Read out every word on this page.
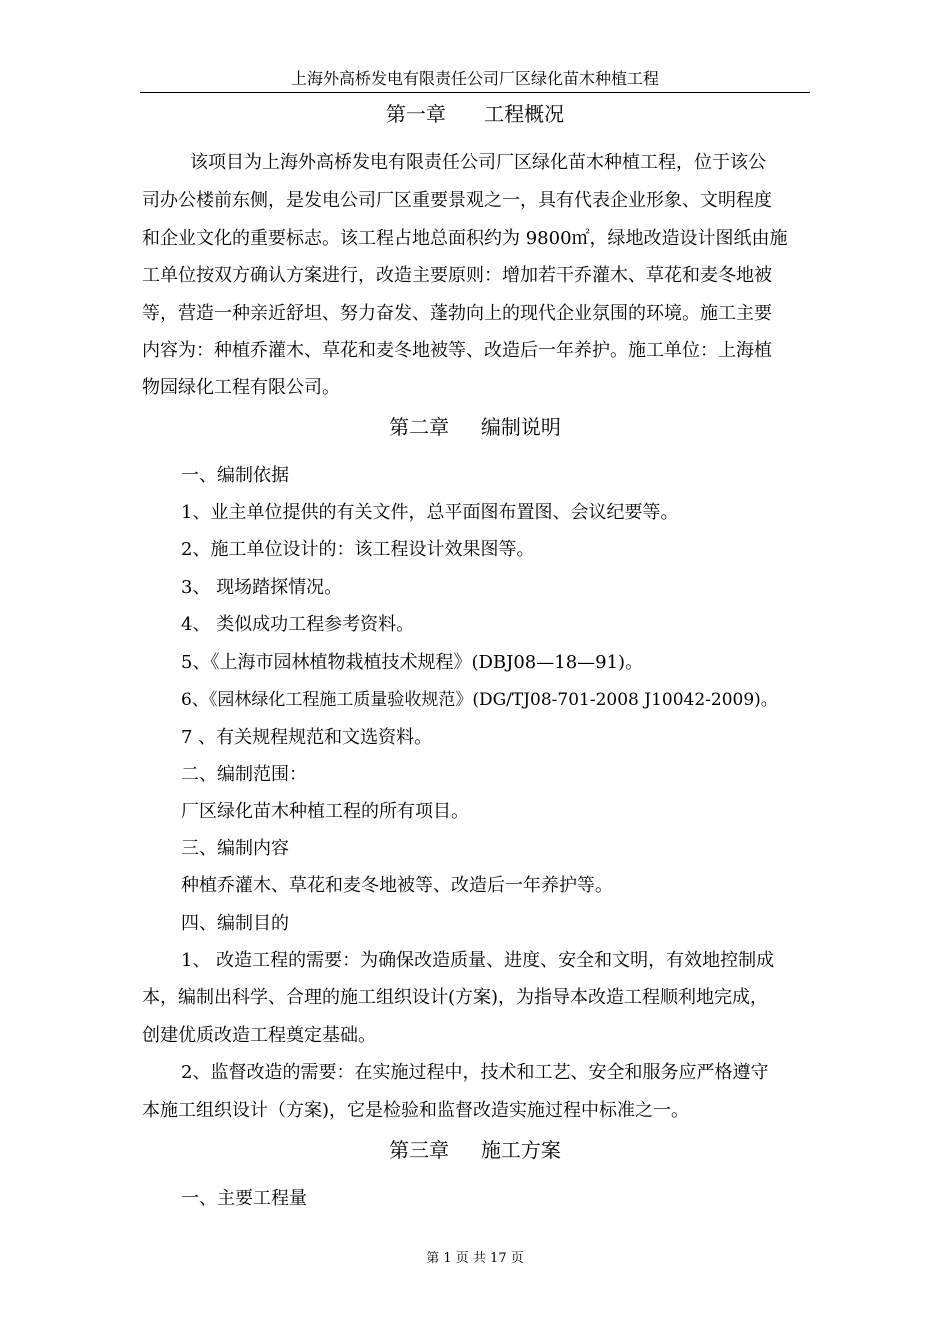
上海外高桥发电有限责任公司厂区绿化苗木种植工程
第一章      工程概况
该项目为上海外高桥发电有限责任公司厂区绿化苗木种植工程，位于该公
司办公楼前东侧，是发电公司厂区重要景观之一，具有代表企业形象、文明程度
和企业文化的重要标志。该工程占地总面积约为 9800㎡，绿地改造设计图纸由施
工单位按双方确认方案进行，改造主要原则：增加若干乔灌木、草花和麦冬地被
等，营造一种亲近舒坦、努力奋发、蓬勃向上的现代企业氛围的环境。施工主要
内容为：种植乔灌木、草花和麦冬地被等、改造后一年养护。施工单位：上海植
物园绿化工程有限公司。
第二章     编制说明
一、编制依据
1、业主单位提供的有关文件，总平面图布置图、会议纪要等。
2、施工单位设计的：该工程设计效果图等。
3、 现场踏探情况。
4、 类似成功工程参考资料。
5、《上海市园林植物栽植技术规程》(DBJ08—18—91)。
6、《园林绿化工程施工质量验收规范》(DG/TJ08-701-2008 J10042-2009)。
7 、有关规程规范和文选资料。
二、编制范围：
厂区绿化苗木种植工程的所有项目。
三、编制内容
种植乔灌木、草花和麦冬地被等、改造后一年养护等。
四、编制目的
1、 改造工程的需要：为确保改造质量、进度、安全和文明，有效地控制成
本，编制出科学、合理的施工组织设计(方案)，为指导本改造工程顺利地完成，
创建优质改造工程奠定基础。
2、监督改造的需要：在实施过程中，技术和工艺、安全和服务应严格遵守
本施工组织设计（方案)，它是检验和监督改造实施过程中标准之一。
第三章     施工方案
一、主要工程量
第 1 页 共 17 页
